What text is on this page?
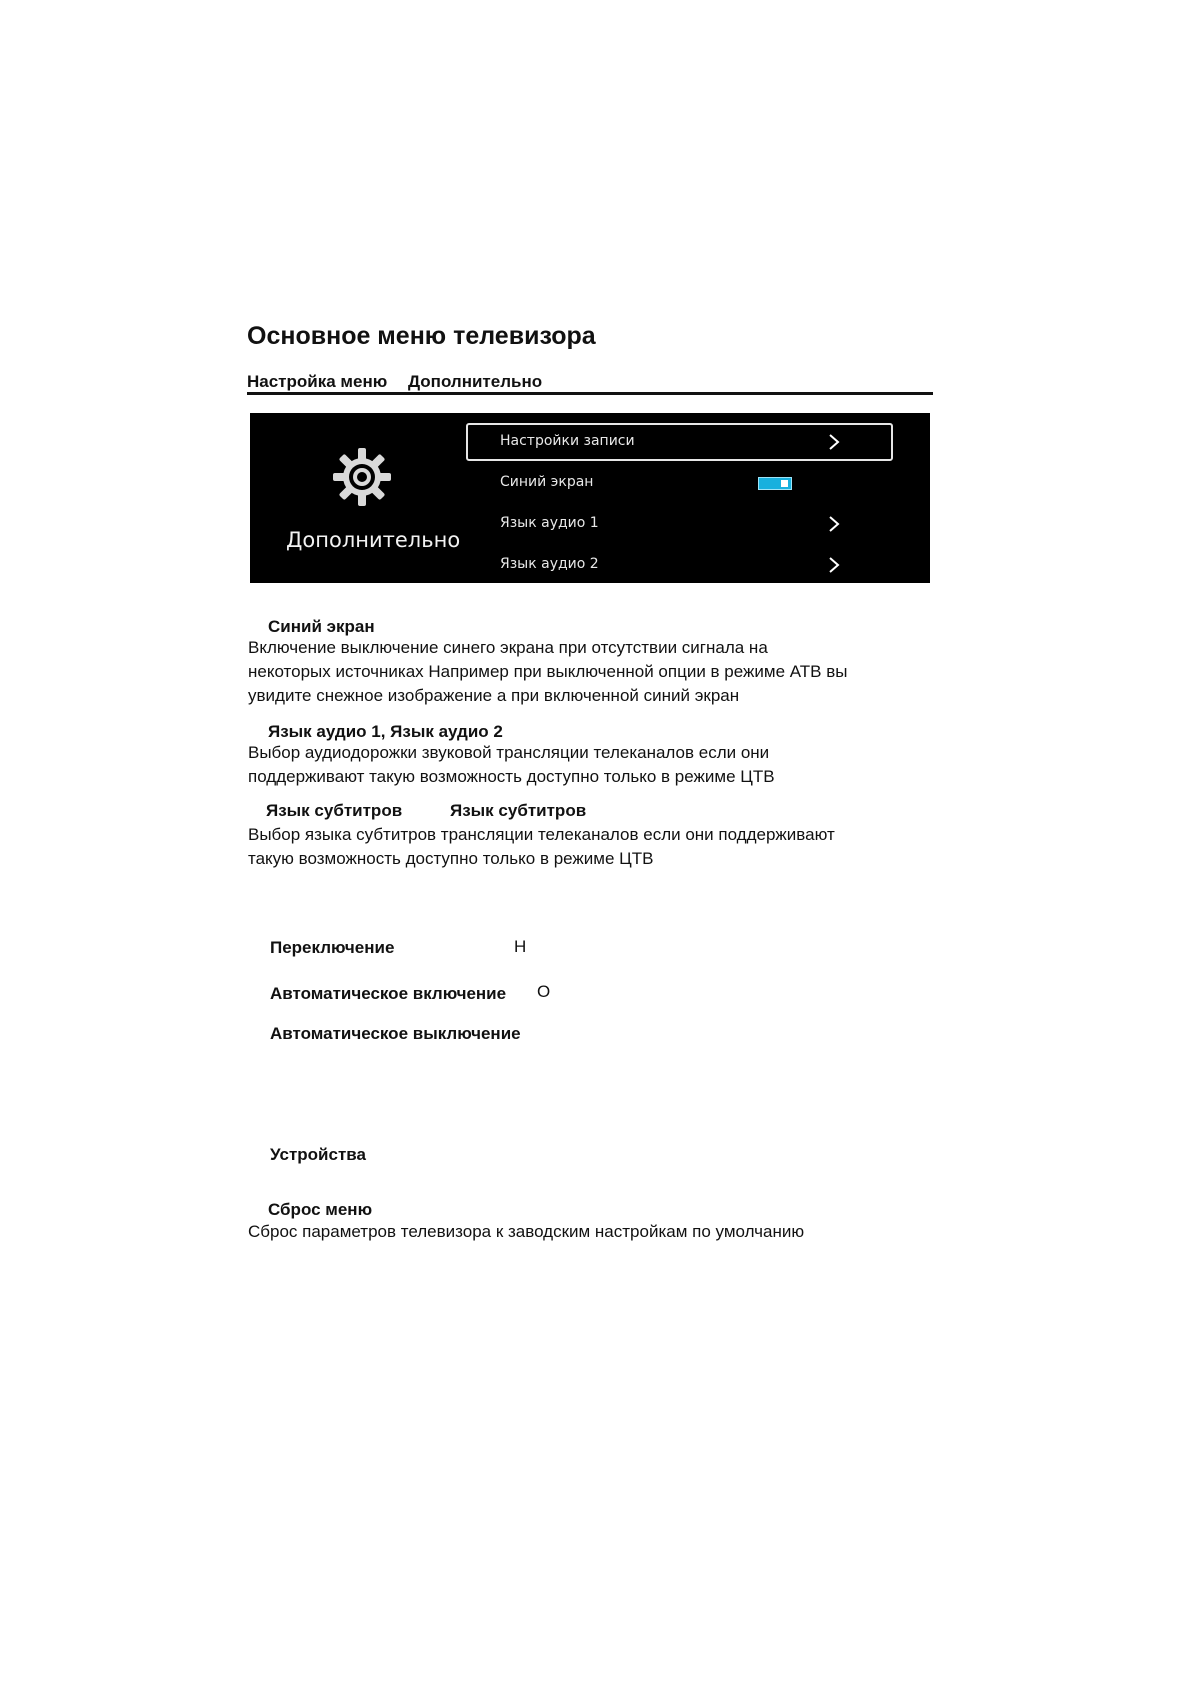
Основное меню телевизора
Настройка меню Дополнительно
Дополнительно
Настройки записи
Синий экран
Язык аудио 1
Язык аудио 2
Синий экран

Включение выключение синего экрана при отсутствии сигнала на
некоторых источниках Например при выключенной опции в режиме АТВ вы
увидите снежное изображение а при включенной синий экран

Язык аудио 1, Язык аудио 2

Выбор аудиодорожки звуковой трансляции телеканалов если они
поддерживают такую возможность доступно только в режиме ЦТВ

Язык субтитров	Язык субтитров

Выбор языка субтитров трансляции телеканалов если они поддерживают
такую возможность доступно только в режиме ЦТВ

Переключение	Н
Автоматическое включение О
Автоматическое выключение
Устройства
Сброс меню

Сброс параметров телевизора к заводским настройкам по умолчанию
